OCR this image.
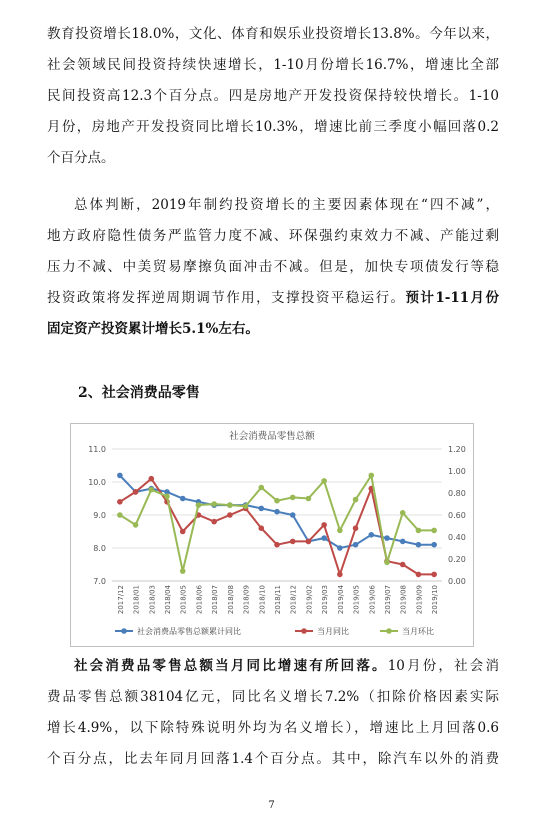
教育投资增长18.0%，文化、体育和娱乐业投资增长13.8%。今年以来，
社会领域民间投资持续快速增长，1-10月份增长16.7%，增速比全部
民间投资高12.3个百分点。四是房地产开发投资保持较快增长。1-10
月份，房地产开发投资同比增长10.3%，增速比前三季度小幅回落0.2
个百分点。
总体判断，2019年制约投资增长的主要因素体现在“四不减”，
地方政府隐性债务严监管力度不减、环保强约束效力不减、产能过剩
压力不减、中美贸易摩擦负面冲击不减。但是，加快专项债发行等稳
投资政策将发挥逆周期调节作用，支撑投资平稳运行。预计1-11月份
固定资产投资累计增长5.1%左右。
2、社会消费品零售
社会消费品零售总额
7.0
8.0
9.0
10.0
11.0
0.00
0.20
0.40
0.60
0.80
1.00
1.20
2017/12 2018/01 2018/03 2018/04 2018/05 2018/06 2018/07 2018/08 2018/09 2018/10 2018/11 2018/12 2019/02 2019/03 2019/04 2019/05 2019/06 2019/07 2019/08 2019/09 2019/10
社会消费品零售总额累计同比	当月同比	当月环比
社会消费品零售总额当月同比增速有所回落。10月份，社会消
费品零售总额38104亿元，同比名义增长7.2%（扣除价格因素实际
增长4.9%，以下除特殊说明外均为名义增长），增速比上月回落0.6
个百分点，比去年同月回落1.4个百分点。其中，除汽车以外的消费
7
